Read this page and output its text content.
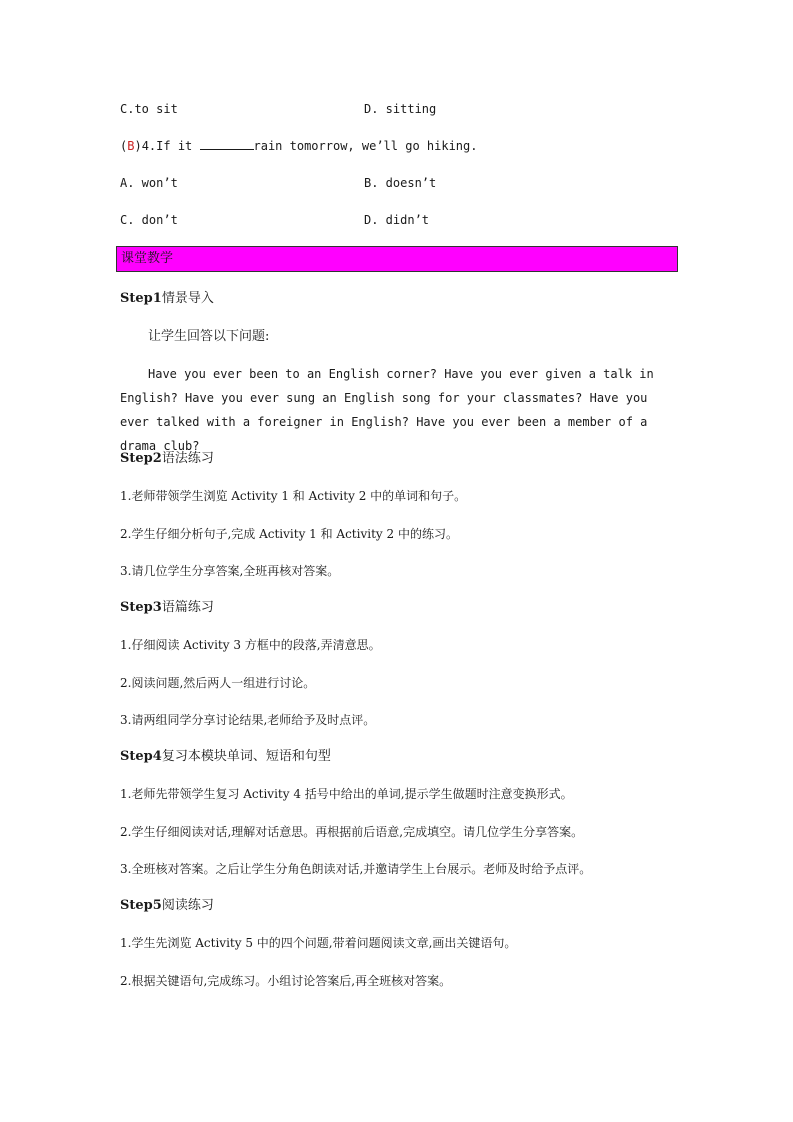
C.to sit	D. sitting
(B)4.If it	rain tomorrow, we’ll go hiking.
A. won’t	B. doesn’t
C. don’t	D. didn’t
课堂教学
Step1情景导入
让学生回答以下问题:
Have you ever been to an English corner? Have you ever given a talk in English? Have you ever sung an English song for your classmates? Have you ever talked with a foreigner in English? Have you ever been a member of a drama club?
Step2语法练习
1.老师带领学生浏览 Activity 1 和 Activity 2 中的单词和句子。
2.学生仔细分析句子,完成 Activity 1 和 Activity 2 中的练习。
3.请几位学生分享答案,全班再核对答案。
Step3语篇练习
1.仔细阅读 Activity 3 方框中的段落,弄清意思。
2.阅读问题,然后两人一组进行讨论。
3.请两组同学分享讨论结果,老师给予及时点评。
Step4复习本模块单词、短语和句型
1.老师先带领学生复习 Activity 4 括号中给出的单词,提示学生做题时注意变换形式。
2.学生仔细阅读对话,理解对话意思。再根据前后语意,完成填空。请几位学生分享答案。
3.全班核对答案。之后让学生分角色朗读对话,并邀请学生上台展示。老师及时给予点评。
Step5阅读练习
1.学生先浏览 Activity 5 中的四个问题,带着问题阅读文章,画出关键语句。
2.根据关键语句,完成练习。小组讨论答案后,再全班核对答案。
